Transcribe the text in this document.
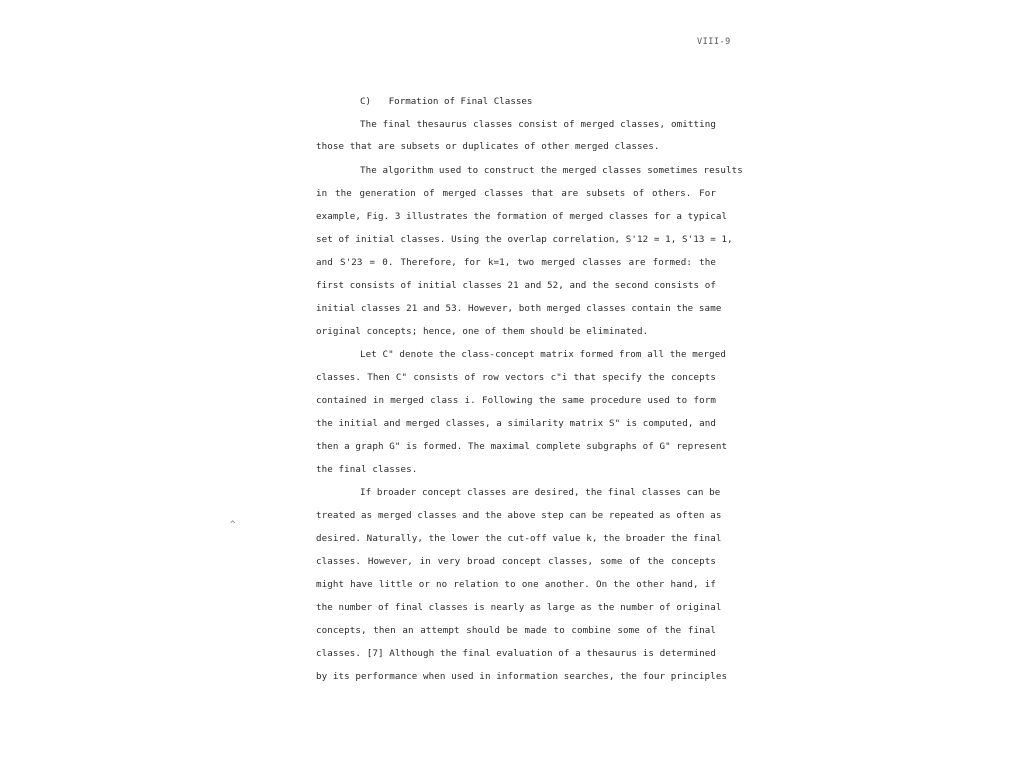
VIII-9
C) Formation of Final Classes
The final thesaurus classes consist of merged classes, omitting
those that are subsets or duplicates of other merged classes.
The algorithm used to construct the merged classes sometimes results
in the generation of merged classes that are subsets of others. For
example, Fig. 3 illustrates the formation of merged classes for a typical
set of initial classes. Using the overlap correlation, S'12 = 1, S'13 = 1,
and S'23 = 0. Therefore, for k=1, two merged classes are formed: the
first consists of initial classes 21 and 52, and the second consists of
initial classes 21 and 53. However, both merged classes contain the same
original concepts; hence, one of them should be eliminated.
Let C" denote the class-concept matrix formed from all the merged
classes. Then C" consists of row vectors c"i that specify the concepts
contained in merged class i. Following the same procedure used to form
the initial and merged classes, a similarity matrix S" is computed, and
then a graph G" is formed. The maximal complete subgraphs of G" represent
the final classes.
If broader concept classes are desired, the final classes can be
treated as merged classes and the above step can be repeated as often as
desired. Naturally, the lower the cut-off value k, the broader the final
classes. However, in very broad concept classes, some of the concepts
might have little or no relation to one another. On the other hand, if
the number of final classes is nearly as large as the number of original
concepts, then an attempt should be made to combine some of the final
classes. [7] Although the final evaluation of a thesaurus is determined
by its performance when used in information searches, the four principles
^
